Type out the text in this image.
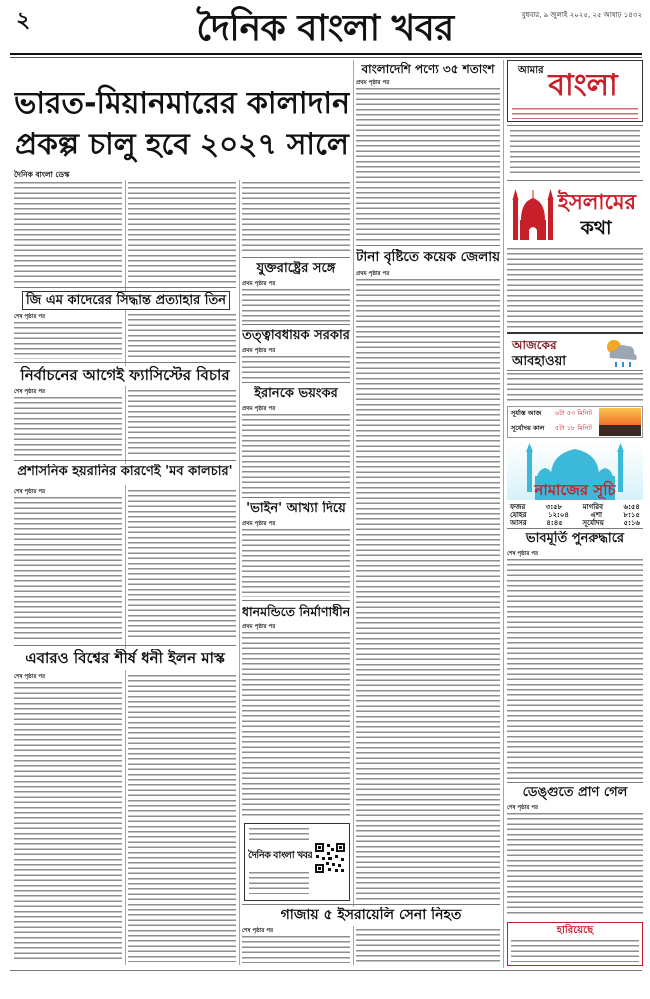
২	দৈনিক বাংলা খবর	বুধবার, ৯ জুলাই ২০২৫, ২৫ আষাঢ় ১৪৩২
ভারত-মিয়ানমারের কালাদান
প্রকল্প চালু হবে ২০২৭ সালে
দৈনিক বাংলা ডেস্ক
জি এম কাদেরের সিদ্ধান্ত প্রত্যাহার তিন
শেষ পৃষ্ঠার পর
নির্বাচনের আগেই ফ্যাসিস্টের বিচার
শেষ পৃষ্ঠার পর
প্রশাসনিক হয়রানির কারণেই 'মব কালচার'
শেষ পৃষ্ঠার পর
এবারও বিশ্বের শীর্ষ ধনী ইলন মাস্ক
শেষ পৃষ্ঠার পর
যুক্তরাষ্ট্রের সঙ্গে
প্রথম পৃষ্ঠার পর
তত্ত্বাবধায়ক সরকার
প্রথম পৃষ্ঠার পর
ইরানকে ভয়ংকর
প্রথম পৃষ্ঠার পর
'ভাইন' আখ্যা দিয়ে
প্রথম পৃষ্ঠার পর
ধানমন্ডিতে নির্মাণাধীন
প্রথম পৃষ্ঠার পর
দৈনিক বাংলা খবর
গাজায় ৫ ইসরায়েলি সেনা নিহত
শেষ পৃষ্ঠার পর
বাংলাদেশি পণ্যে ৩৫ শতাংশ
প্রথম পৃষ্ঠার পর
টানা বৃষ্টিতে কয়েক জেলায়
প্রথম পৃষ্ঠার পর
আমার বাংলা
ইসলামের
কথা
আজকের
আবহাওয়া
সূর্যাস্ত আজ ৬টা ৫৩ মিনিট
সূর্যোদয় কাল ৫টা ১৮ মিনিট
নামাজের সূচি
ফজর	৩:৫৮	মাগরিব	৬:৫৪
যোহর	১২:০৪	এশা	৮:১৫
আসর	৪:৪৫	সূর্যোদয়	৫:১৬
ভাবমূর্তি পুনরুদ্ধারে
শেষ পৃষ্ঠার পর
ডেঙ্গুতে প্রাণ গেল
শেষ পৃষ্ঠার পর
হারিয়েছে
